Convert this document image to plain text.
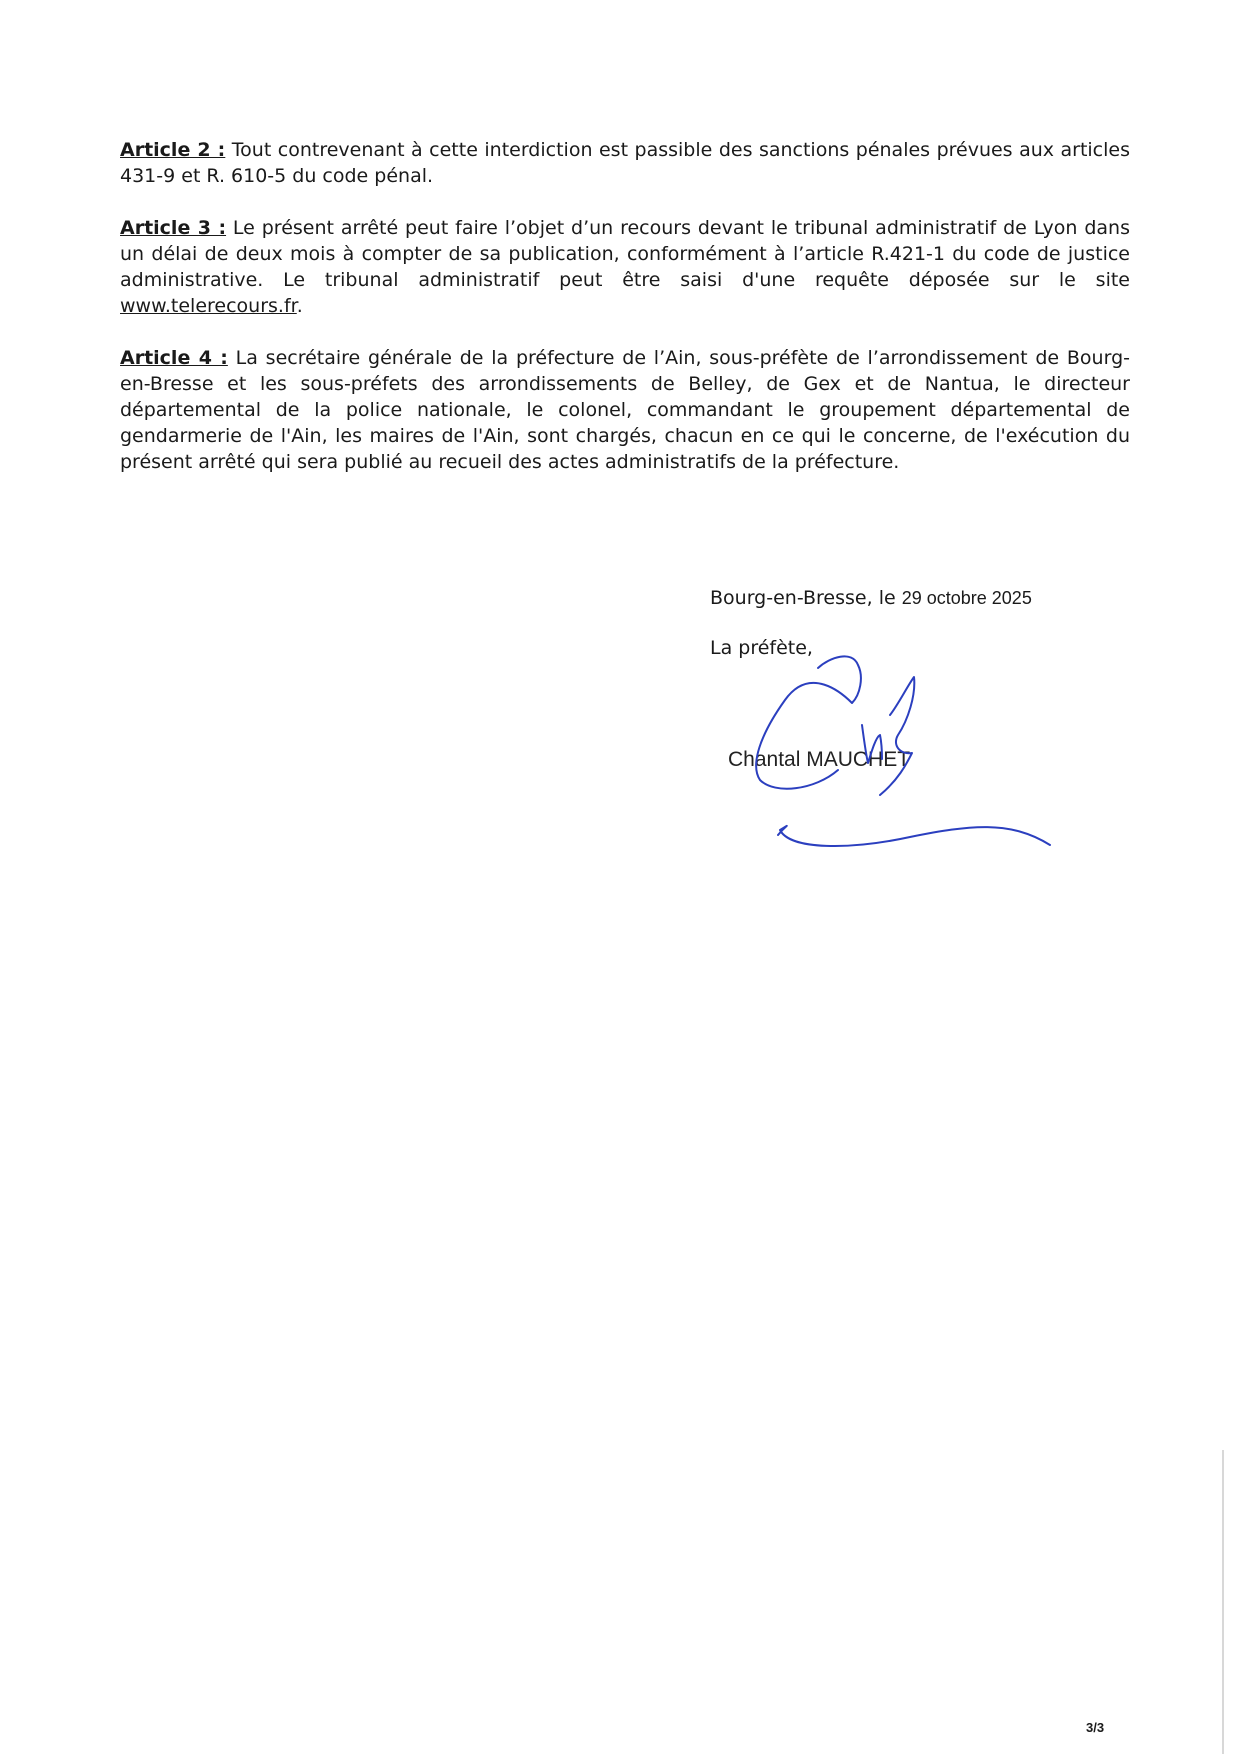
Article 2 : Tout contrevenant à cette interdiction est passible des sanctions pénales prévues aux articles 431-9 et R. 610-5 du code pénal.
Article 3 : Le présent arrêté peut faire l’objet d’un recours devant le tribunal administratif de Lyon dans un délai de deux mois à compter de sa publication, conformément à l’article R.421-1 du code de justice administrative. Le tribunal administratif peut être saisi d'une requête déposée sur le site www.telerecours.fr.
Article 4 : La secrétaire générale de la préfecture de l’Ain, sous-préfète de l’arrondissement de Bourg-en-Bresse et les sous-préfets des arrondissements de Belley, de Gex et de Nantua, le directeur départemental de la police nationale, le colonel, commandant le groupement départemental de gendarmerie de l'Ain, les maires de l'Ain, sont chargés, chacun en ce qui le concerne, de l'exécution du présent arrêté qui sera publié au recueil des actes administratifs de la préfecture.
Bourg-en-Bresse, le 29 octobre 2025
La préfète,
Chantal MAUCHET
3/3
